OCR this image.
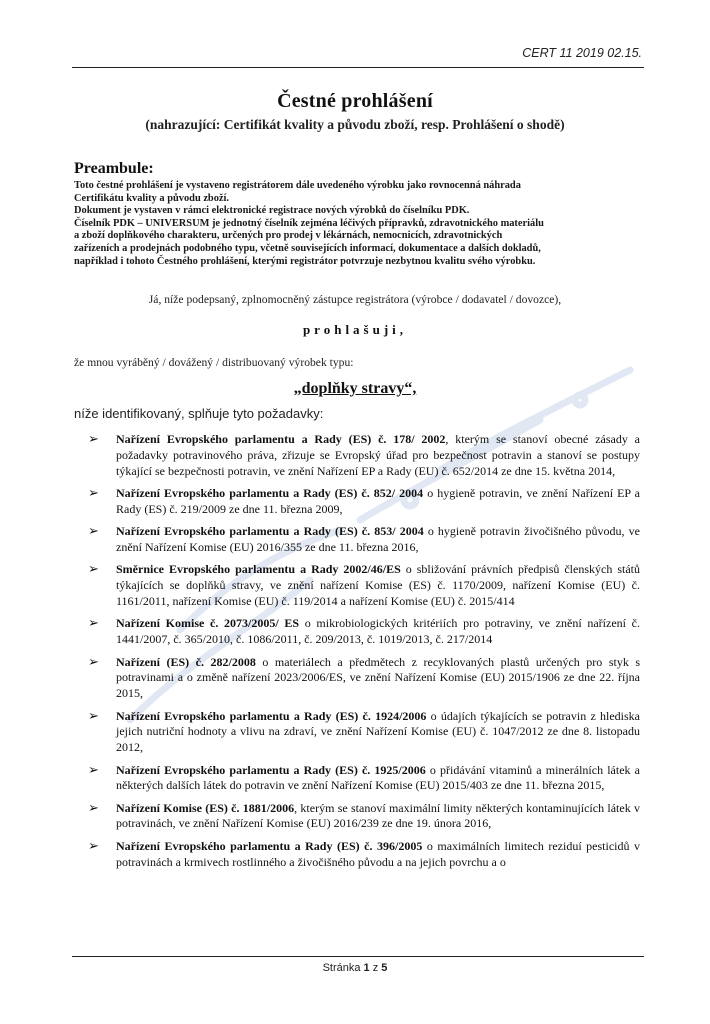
CERT 11 2019 02.15.
Čestné prohlášení
(nahrazující: Certifikát kvality a původu zboží, resp. Prohlášení o shodě)
Preambule:

Toto čestné prohlášení je vystaveno registrátorem dále uvedeného výrobku jako rovnocenná náhrada

Certifikátu kvality a původu zboží.

Dokument je vystaven v rámci elektronické registrace nových výrobků do číselníku PDK.

Číselník PDK – UNIVERSUM je jednotný číselník zejména léčivých přípravků, zdravotnického materiálu

a zboží doplňkového charakteru, určených pro prodej v lékárnách, nemocnicích, zdravotnických

zařízeních a prodejnách podobného typu, včetně souvisejících informací, dokumentace a dalších dokladů,

například i tohoto Čestného prohlášení, kterými registrátor potvrzuje nezbytnou kvalitu svého výrobku.

Já, níže podepsaný, zplnomocněný zástupce registrátora (výrobce / dodavatel / dovozce),
prohlašuji,
že mnou vyráběný / dovážený / distribuovaný výrobek typu:
„doplňky stravy“,
níže identifikovaný, splňuje tyto požadavky:
➢ Nařízení Evropského parlamentu a Rady (ES) č. 178/ 2002, kterým se stanoví obecné zásady a požadavky potravinového práva, zřizuje se Evropský úřad pro bezpečnost potravin a stanoví se postupy týkající se bezpečnosti potravin, ve znění Nařízení EP a Rady (EU) č. 652/2014 ze dne 15. května 2014,
➢ Nařízení Evropského parlamentu a Rady (ES) č. 852/ 2004 o hygieně potravin, ve znění Nařízení EP a Rady (ES) č. 219/2009 ze dne 11. března 2009,
➢ Nařízení Evropského parlamentu a Rady (ES) č. 853/ 2004 o hygieně potravin živočišného původu, ve znění Nařízení Komise (EU) 2016/355 ze dne 11. března 2016,
➢ Směrnice Evropského parlamentu a Rady 2002/46/ES o sbližování právních předpisů členských států týkajících se doplňků stravy, ve znění nařízení Komise (ES) č. 1170/2009, nařízení Komise (EU) č. 1161/2011, nařízení Komise (EU) č. 119/2014 a nařízení Komise (EU) č. 2015/414
➢ Nařízení Komise č. 2073/2005/ ES o mikrobiologických kritériích pro potraviny, ve znění nařízení č. 1441/2007, č. 365/2010, č. 1086/2011, č. 209/2013, č. 1019/2013, č. 217/2014
➢ Nařízení (ES) č. 282/2008 o materiálech a předmětech z recyklovaných plastů určených pro styk s potravinami a o změně nařízení 2023/2006/ES, ve znění Nařízení Komise (EU) 2015/1906 ze dne 22. října 2015,
➢ Nařízení Evropského parlamentu a Rady (ES) č. 1924/2006 o údajích týkajících se potravin z hlediska jejich nutriční hodnoty a vlivu na zdraví, ve znění Nařízení Komise (EU) č. 1047/2012 ze dne 8. listopadu 2012,
➢ Nařízení Evropského parlamentu a Rady (ES) č. 1925/2006 o přidávání vitaminů a minerálních látek a některých dalších látek do potravin ve znění Nařízení Komise (EU) 2015/403 ze dne 11. března 2015,
➢ Nařízení Komise (ES) č. 1881/2006, kterým se stanoví maximální limity některých kontaminujících látek v potravinách, ve znění Nařízení Komise (EU) 2016/239 ze dne 19. února 2016,
➢ Nařízení Evropského parlamentu a Rady (ES) č. 396/2005 o maximálních limitech reziduí pesticidů v potravinách a krmivech rostlinného a živočišného původu a na jejich povrchu a o
Stránka 1 z 5
